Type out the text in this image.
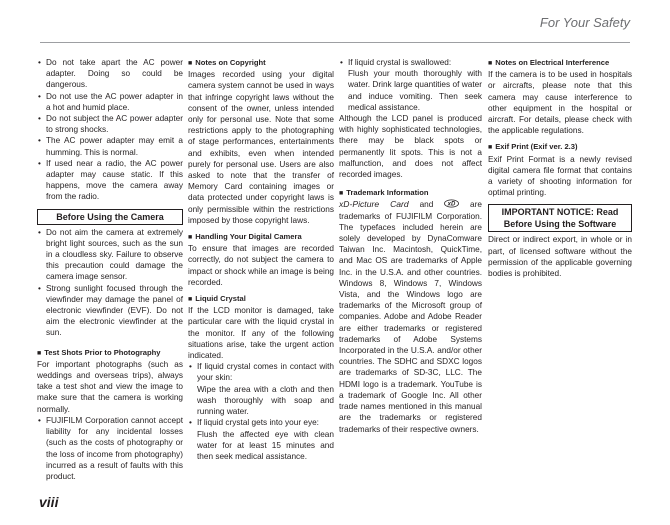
For Your Safety
• Do not take apart the AC power adapter. Doing so could be dangerous.
• Do not use the AC power adapter in a hot and humid place.
• Do not subject the AC power adapter to strong shocks.
• The AC power adapter may emit a humming. This is normal.
• If used near a radio, the AC power adapter may cause static. If this happens, move the camera away from the radio.
Before Using the Camera
• Do not aim the camera at extremely bright light sources, such as the sun in a cloudless sky. Failure to observe this precaution could damage the camera image sensor.
• Strong sunlight focused through the viewfinder may damage the panel of electronic viewfinder (EVF). Do not aim the electronic viewfinder at the sun.
■ Test Shots Prior to Photography

For important photographs (such as weddings and overseas trips), always take a test shot and view the image to make sure that the camera is working normally.

• FUJIFILM Corporation cannot accept liability for any incidental losses (such as the costs of photography or the loss of income from photography) incurred as a result of faults with this product.
■ Notes on Copyright

Images recorded using your digital camera system cannot be used in ways that infringe copyright laws without the consent of the owner, unless intended only for personal use. Note that some restrictions apply to the photographing of stage performances, entertainments and exhibits, even when intended purely for personal use. Users are also asked to note that the transfer of Memory Card containing images or data protected under copyright laws is only permissible within the restrictions imposed by those copyright laws.

■ Handling Your Digital Camera

To ensure that images are recorded correctly, do not subject the camera to impact or shock while an image is being recorded.

■ Liquid Crystal

If the LCD monitor is damaged, take particular care with the liquid crystal in the monitor. If any of the following situations arise, take the urgent action indicated.

• If liquid crystal comes in contact with your skin:
Wipe the area with a cloth and then wash thoroughly with soap and running water.
• If liquid crystal gets into your eye:
Flush the affected eye with clean water for at least 15 minutes and then seek medical assistance.
• If liquid crystal is swallowed:
Flush your mouth thoroughly with water. Drink large quantities of water and induce vomiting. Then seek medical assistance.

Although the LCD panel is produced with highly sophisticated technologies, there may be black spots or permanently lit spots. This is not a malfunction, and does not affect recorded images.

■ Trademark Information

xD-Picture Card and xD are trademarks of FUJIFILM Corporation. The typefaces included herein are solely developed by DynaComware Taiwan Inc. Macintosh, QuickTime, and Mac OS are trademarks of Apple Inc. in the U.S.A. and other countries. Windows 8, Windows 7, Windows Vista, and the Windows logo are trademarks of the Microsoft group of companies. Adobe and Adobe Reader are either trademarks or registered trademarks of Adobe Systems Incorporated in the U.S.A. and/or other countries. The SDHC and SDXC logos are trademarks of SD-3C, LLC. The HDMI logo is a trademark. YouTube is a trademark of Google Inc. All other trade names mentioned in this manual are the trademarks or registered trademarks of their respective owners.

■ Notes on Electrical Interference

If the camera is to be used in hospitals or aircrafts, please note that this camera may cause interference to other equipment in the hospital or aircraft. For details, please check with the applicable regulations.

■ Exif Print (Exif ver. 2.3)

Exif Print Format is a newly revised digital camera file format that contains a variety of shooting information for optimal printing.

IMPORTANT NOTICE: Read Before Using the Software

Direct or indirect export, in whole or in part, of licensed software without the permission of the applicable governing bodies is prohibited.

viii
